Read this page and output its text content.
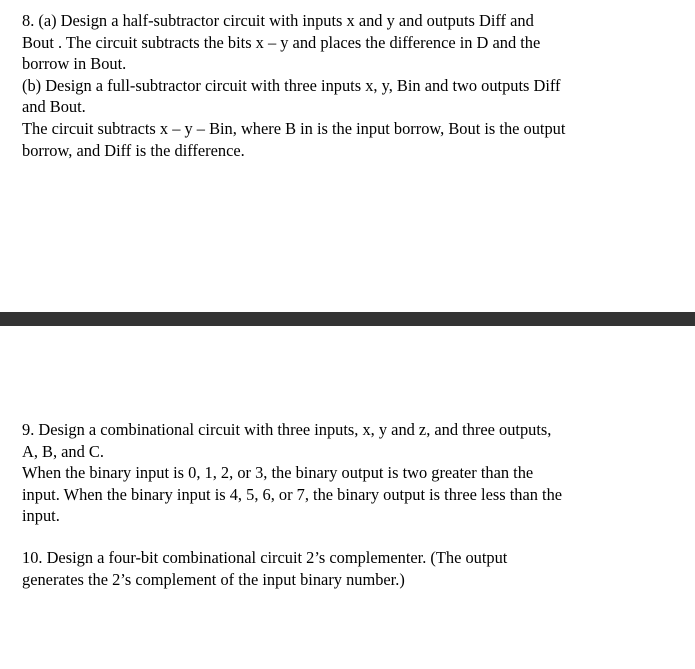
8. (a) Design a half-subtractor circuit with inputs x and y and outputs Diff and
Bout . The circuit subtracts the bits x – y and places the difference in D and the
borrow in Bout.
(b) Design a full-subtractor circuit with three inputs x, y, Bin and two outputs Diff
and Bout.
The circuit subtracts x – y – Bin, where B in is the input borrow, Bout is the output
borrow, and Diff is the difference.
9. Design a combinational circuit with three inputs, x, y and z, and three outputs,
A, B, and C.
When the binary input is 0, 1, 2, or 3, the binary output is two greater than the
input. When the binary input is 4, 5, 6, or 7, the binary output is three less than the
input.
10. Design a four-bit combinational circuit 2’s complementer. (The output
generates the 2’s complement of the input binary number.)
